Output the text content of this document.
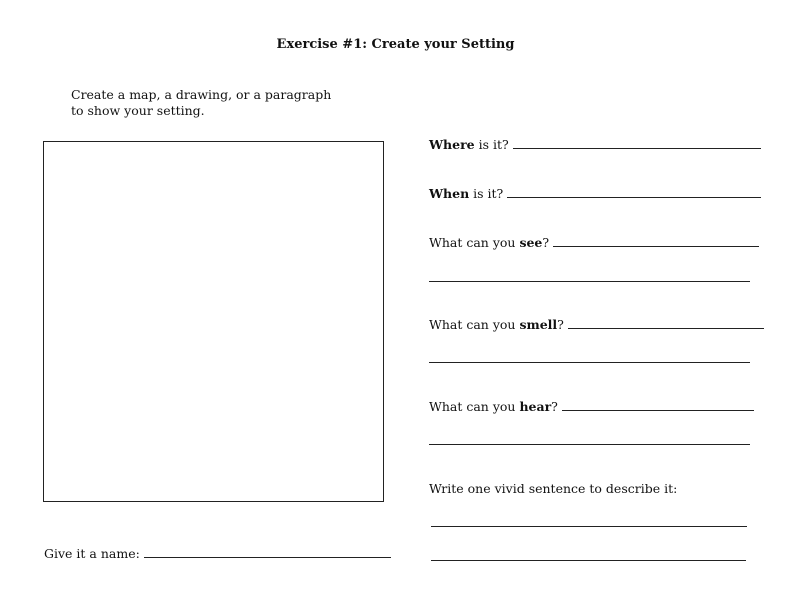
Exercise #1: Create your Setting
Create a map, a drawing, or a paragraph
to show your setting.
Where is it?
When is it?
What can you see ?
What can you smell ?
What can you hear ?
Write one vivid sentence to describe it:
Give it a name:
